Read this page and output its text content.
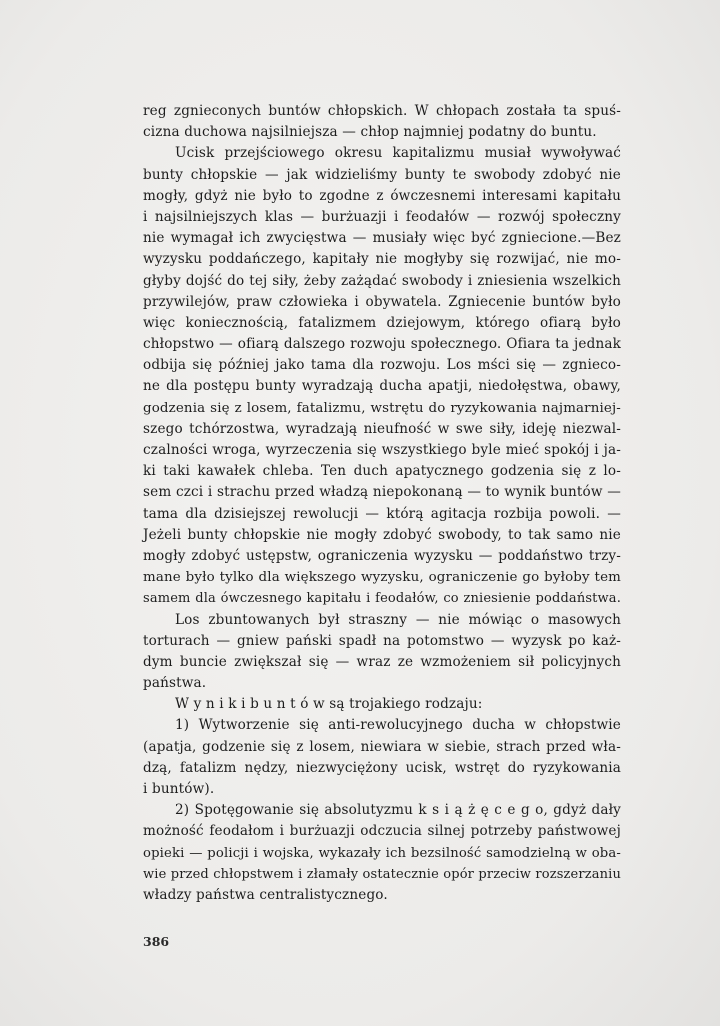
reg zgnieconych buntów chłopskich. W chłopach została ta spuś-
cizna duchowa najsilniejsza — chłop najmniej podatny do buntu.
Ucisk przejściowego okresu kapitalizmu musiał wywoływać
bunty chłopskie — jak widzieliśmy bunty te swobody zdobyć nie
mogły, gdyż nie było to zgodne z ówczesnemi interesami kapitału
i najsilniejszych klas — burżuazji i feodałów — rozwój społeczny
nie wymagał ich zwycięstwa — musiały więc być zgniecione.—Bez
wyzysku poddańczego, kapitały nie mogłyby się rozwijać, nie mo-
głyby dojść do tej siły, żeby zażądać swobody i zniesienia wszelkich
przywilejów, praw człowieka i obywatela. Zgniecenie buntów było
więc koniecznością, fatalizmem dziejowym, którego ofiarą było
chłopstwo — ofiarą dalszego rozwoju społecznego. Ofiara ta jednak
odbija się później jako tama dla rozwoju. Los mści się — zgnieco-
ne dla postępu bunty wyradzają ducha apatji, niedołęstwa, obawy,
godzenia się z losem, fatalizmu, wstrętu do ryzykowania najmarniej-
szego tchórzostwa, wyradzają nieufność w swe siły, ideję niezwal-
czalności wroga, wyrzeczenia się wszystkiego byle mieć spokój i ja-
ki taki kawałek chleba. Ten duch apatycznego godzenia się z lo-
sem czci i strachu przed władzą niepokonaną — to wynik buntów —
tama dla dzisiejszej rewolucji — którą agitacja rozbija powoli. —
Jeżeli bunty chłopskie nie mogły zdobyć swobody, to tak samo nie
mogły zdobyć ustępstw, ograniczenia wyzysku — poddaństwo trzy-
mane było tylko dla większego wyzysku, ograniczenie go byłoby tem
samem dla ówczesnego kapitału i feodałów, co zniesienie poddaństwa.
Los zbuntowanych był straszny — nie mówiąc o masowych
torturach — gniew pański spadł na potomstwo — wyzysk po każ-
dym buncie zwiększał się — wraz ze wzmożeniem sił policyjnych
państwa.
W y n i k i b u n t ó w są trojakiego rodzaju:
1) Wytworzenie się anti-rewolucyjnego ducha w chłopstwie
(apatja, godzenie się z losem, niewiara w siebie, strach przed wła-
dzą, fatalizm nędzy, niezwyciężony ucisk, wstręt do ryzykowania
i buntów).
2) Spotęgowanie się absolutyzmu k s i ą ż ę c e g o, gdyż dały
możność feodałom i burżuazji odczucia silnej potrzeby państwowej
opieki — policji i wojska, wykazały ich bezsilność samodzielną w oba-
wie przed chłopstwem i złamały ostatecznie opór przeciw rozszerzaniu
władzy państwa centralistycznego.
386
